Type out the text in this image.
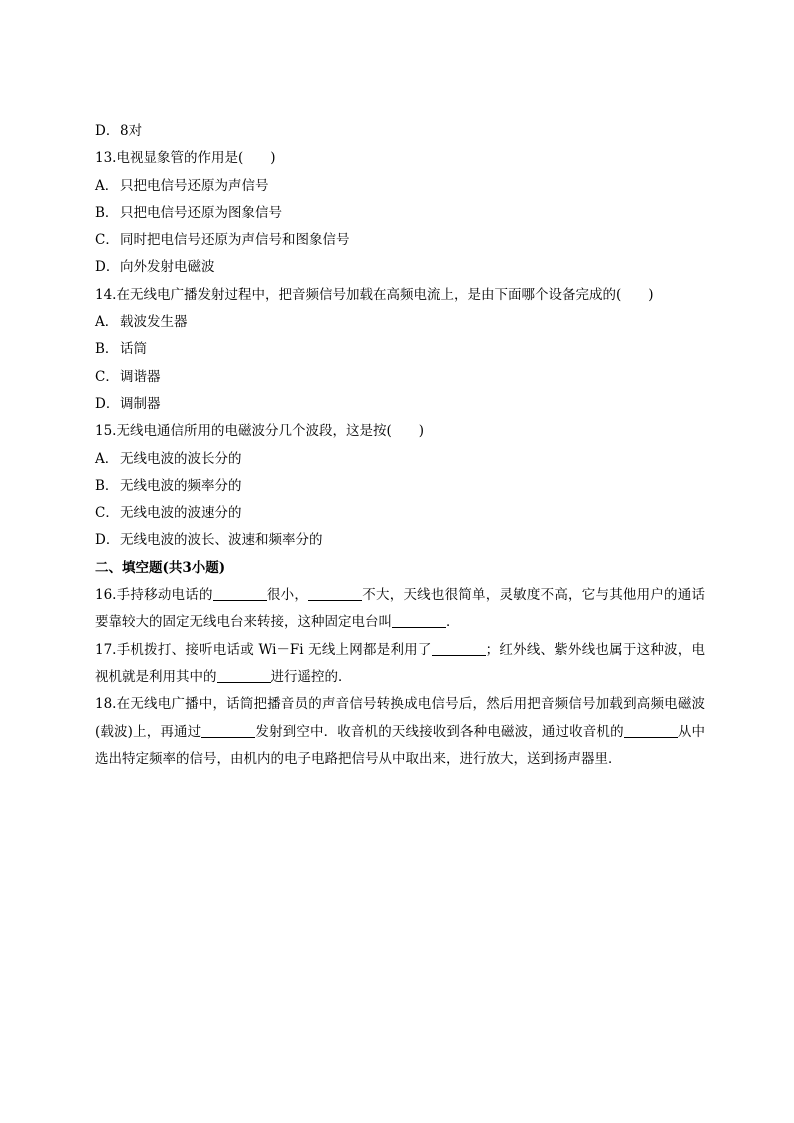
D．8对
13.电视显象管的作用是(　　)
A． 只把电信号还原为声信号
B． 只把电信号还原为图象信号
C．同时把电信号还原为声信号和图象信号
D．向外发射电磁波
14.在无线电广播发射过程中，把音频信号加载在高频电流上，是由下面哪个设备完成的(　　)
A． 载波发生器
B． 话筒
C．调谐器
D．调制器
15.无线电通信所用的电磁波分几个波段，这是按(　　)
A． 无线电波的波长分的
B． 无线电波的频率分的
C．无线电波的波速分的
D．无线电波的波长、波速和频率分的
二、填空题(共3小题)
16.手持移动电话的	很小，	不大，天线也很简单，灵敏度不高，它与其他用户的通话要靠较大的固定无线电台来转接，这种固定电台叫	．
17.手机拨打、接听电话或 Wi－Fi 无线上网都是利用了	；红外线、紫外线也属于这种波，电视机就是利用其中的	进行遥控的．
18.在无线电广播中，话筒把播音员的声音信号转换成电信号后，然后用把音频信号加载到高频电磁波(载波)上，再通过	发射到空中．收音机的天线接收到各种电磁波，通过收音机的	从中选出特定频率的信号，由机内的电子电路把信号从中取出来，进行放大，送到扬声器里．
